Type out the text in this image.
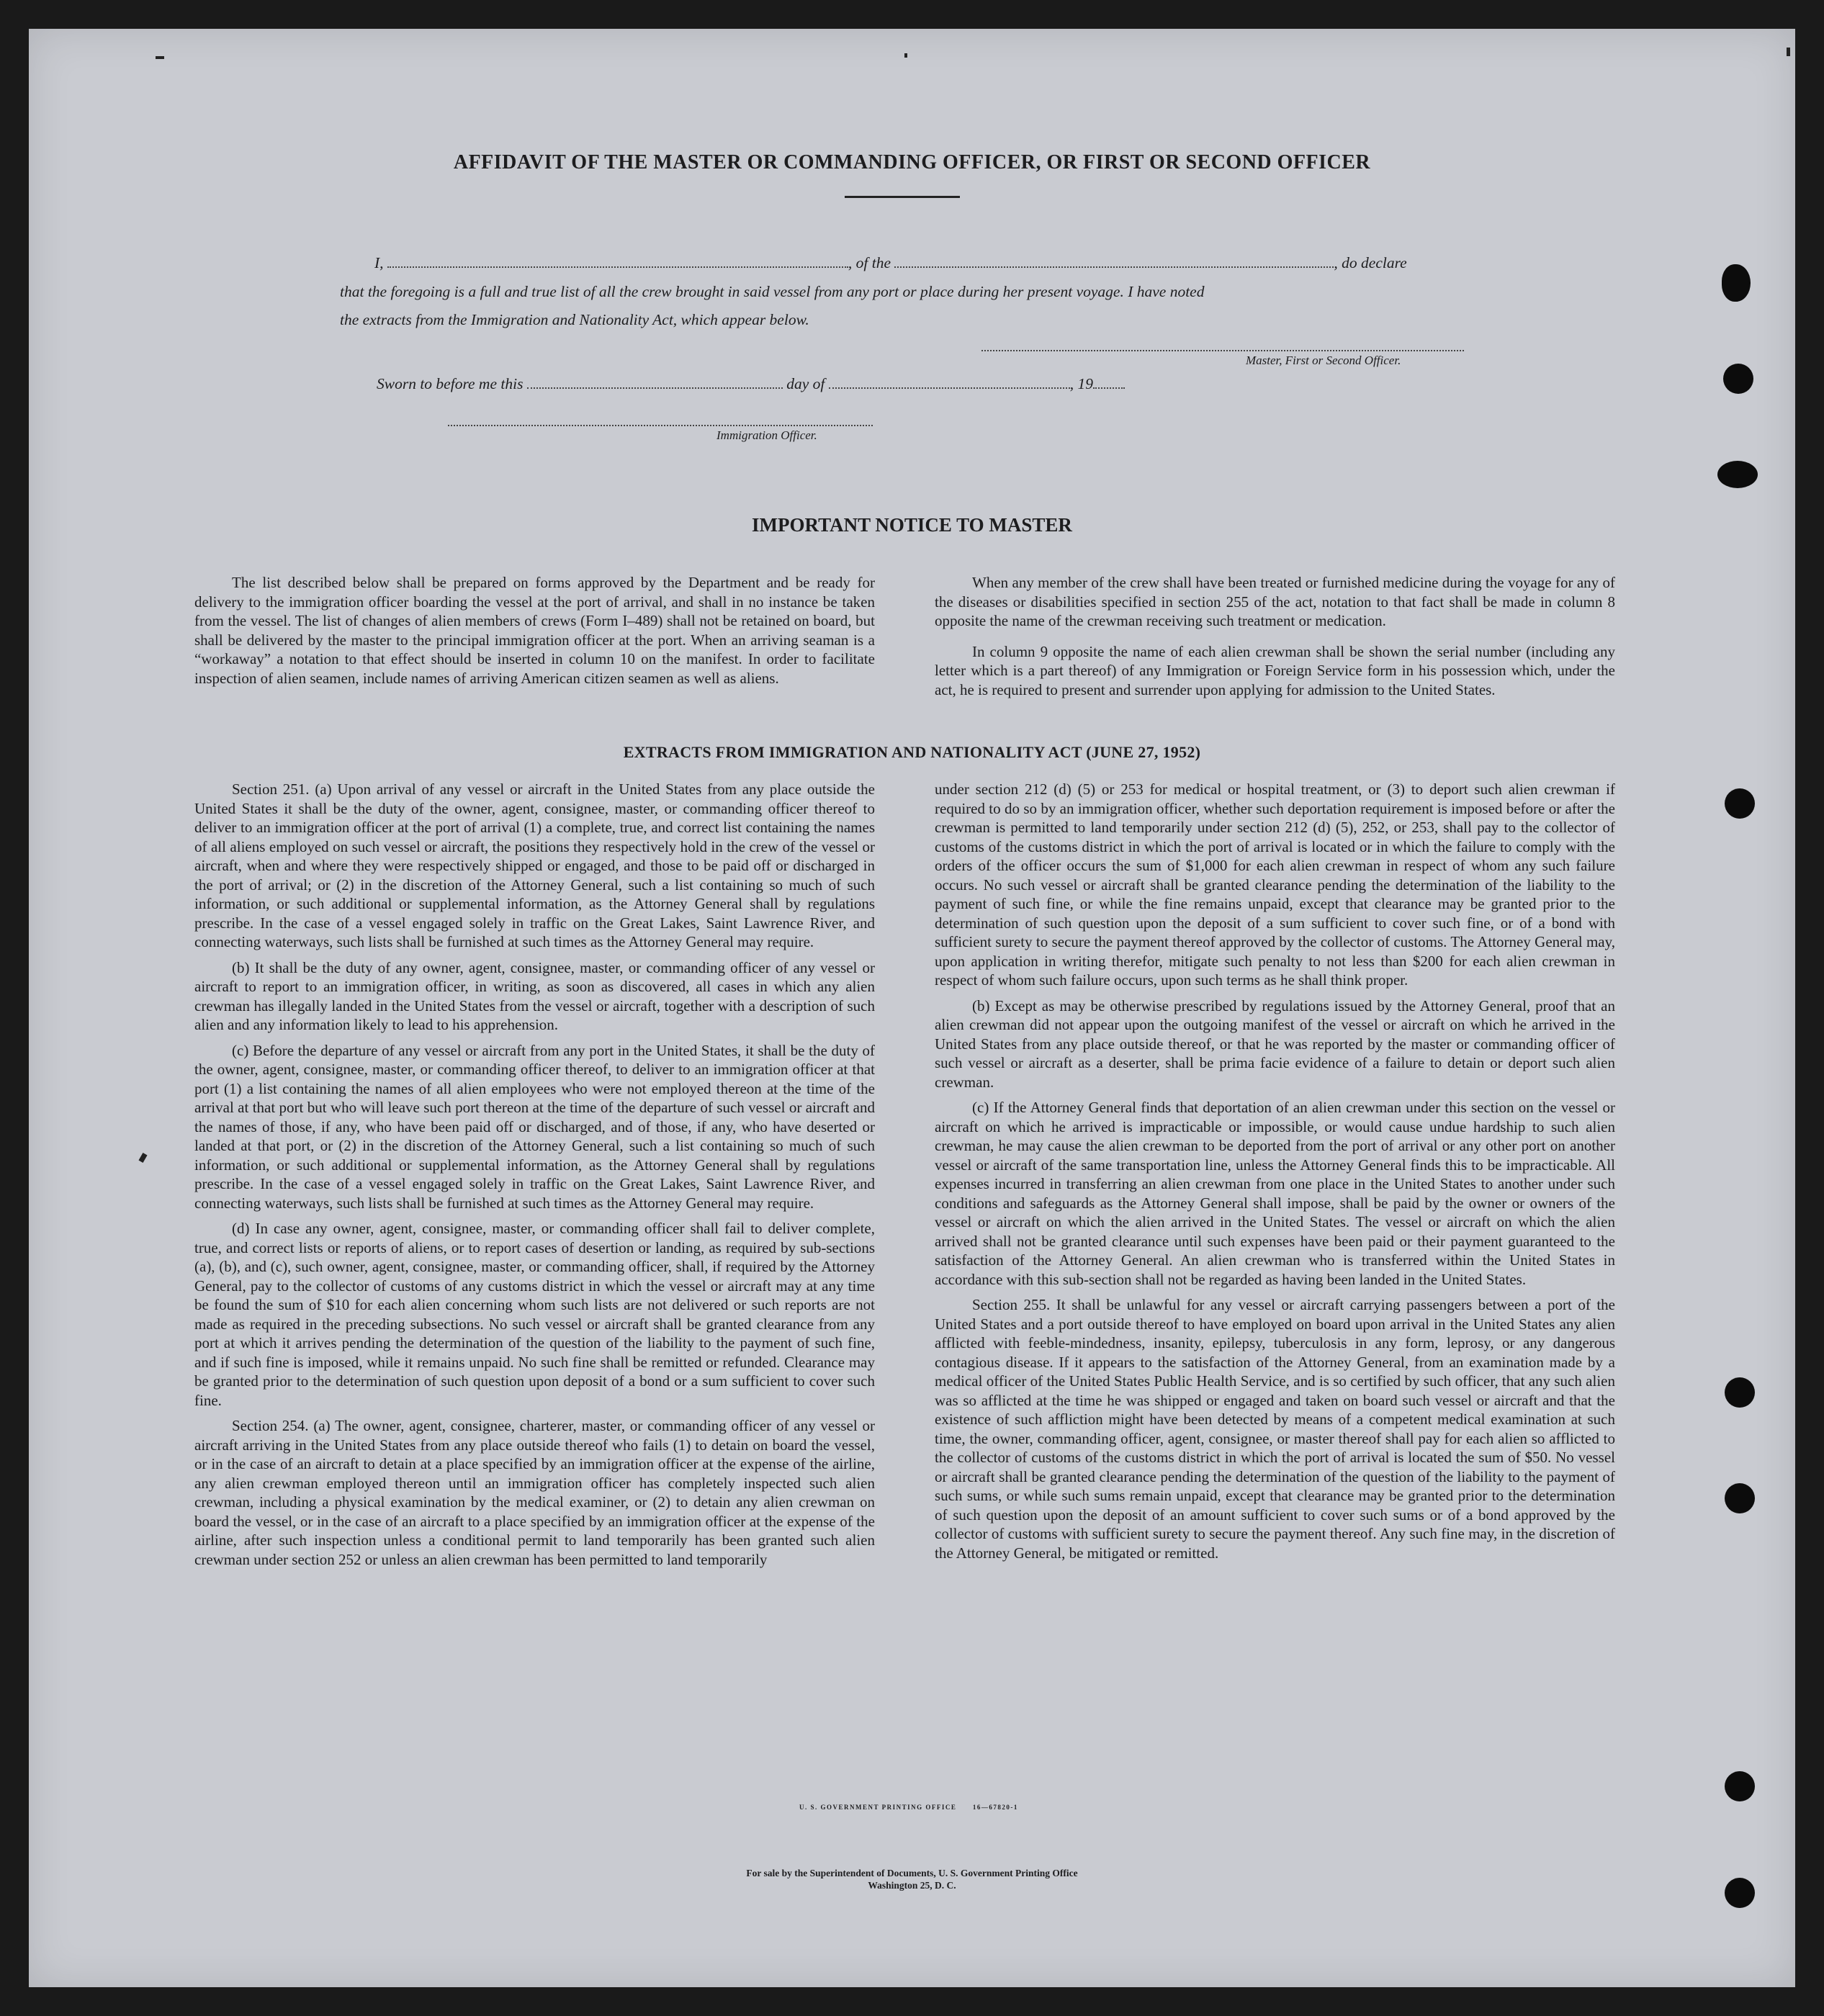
AFFIDAVIT OF THE MASTER OR COMMANDING OFFICER, OR FIRST OR SECOND OFFICER
I,	, of the	, do declare
that the foregoing is a full and true list of all the crew brought in said vessel from any port or place during her present voyage. I have noted
the extracts from the Immigration and Nationality Act, which appear below.
Master, First or Second Officer.
Sworn to before me this	day of	, 19
Immigration Officer.
IMPORTANT NOTICE TO MASTER

The list described below shall be prepared on forms approved by the Department and be ready for delivery to the immigration officer boarding the vessel at the port of arrival, and shall in no instance be taken from the vessel. The list of changes of alien members of crews (Form I–489) shall not be retained on board, but shall be delivered by the master to the principal immigration officer at the port. When an arriving seaman is a “workaway” a notation to that effect should be inserted in column 10 on the manifest. In order to facilitate inspection of alien seamen, include names of arriving American citizen seamen as well as aliens.

When any member of the crew shall have been treated or furnished medicine during the voyage for any of the diseases or disabilities specified in section 255 of the act, notation to that fact shall be made in column 8 opposite the name of the crewman receiving such treatment or medication.

In column 9 opposite the name of each alien crewman shall be shown the serial number (including any letter which is a part thereof) of any Immigration or Foreign Service form in his possession which, under the act, he is required to present and surrender upon applying for admission to the United States.

EXTRACTS FROM IMMIGRATION AND NATIONALITY ACT (JUNE 27, 1952)

Section 251. (a) Upon arrival of any vessel or aircraft in the United States from any place outside the United States it shall be the duty of the owner, agent, consignee, master, or commanding officer thereof to deliver to an immigration officer at the port of arrival (1) a complete, true, and correct list containing the names of all aliens employed on such vessel or aircraft, the positions they respectively hold in the crew of the vessel or aircraft, when and where they were respectively shipped or engaged, and those to be paid off or discharged in the port of arrival; or (2) in the discretion of the Attorney General, such a list containing so much of such information, or such additional or supplemental information, as the Attorney General shall by regulations prescribe. In the case of a vessel engaged solely in traffic on the Great Lakes, Saint Lawrence River, and connecting waterways, such lists shall be furnished at such times as the Attorney General may require.

(b) It shall be the duty of any owner, agent, consignee, master, or commanding officer of any vessel or aircraft to report to an immigration officer, in writing, as soon as discovered, all cases in which any alien crewman has illegally landed in the United States from the vessel or aircraft, together with a description of such alien and any information likely to lead to his apprehension.

(c) Before the departure of any vessel or aircraft from any port in the United States, it shall be the duty of the owner, agent, consignee, master, or commanding officer thereof, to deliver to an immigration officer at that port (1) a list containing the names of all alien employees who were not employed thereon at the time of the arrival at that port but who will leave such port thereon at the time of the departure of such vessel or aircraft and the names of those, if any, who have been paid off or discharged, and of those, if any, who have deserted or landed at that port, or (2) in the discretion of the Attorney General, such a list containing so much of such information, or such additional or supplemental information, as the Attorney General shall by regulations prescribe. In the case of a vessel engaged solely in traffic on the Great Lakes, Saint Lawrence River, and connecting waterways, such lists shall be furnished at such times as the Attorney General may require.

(d) In case any owner, agent, consignee, master, or commanding officer shall fail to deliver complete, true, and correct lists or reports of aliens, or to report cases of desertion or landing, as required by sub-sections (a), (b), and (c), such owner, agent, consignee, master, or commanding officer, shall, if required by the Attorney General, pay to the collector of customs of any customs district in which the vessel or aircraft may at any time be found the sum of $10 for each alien concerning whom such lists are not delivered or such reports are not made as required in the preceding subsections. No such vessel or aircraft shall be granted clearance from any port at which it arrives pending the determination of the question of the liability to the payment of such fine, and if such fine is imposed, while it remains unpaid. No such fine shall be remitted or refunded. Clearance may be granted prior to the determination of such question upon deposit of a bond or a sum sufficient to cover such fine.

Section 254. (a) The owner, agent, consignee, charterer, master, or commanding officer of any vessel or aircraft arriving in the United States from any place outside thereof who fails (1) to detain on board the vessel, or in the case of an aircraft to detain at a place specified by an immigration officer at the expense of the airline, any alien crewman employed thereon until an immigration officer has completely inspected such alien crewman, including a physical examination by the medical examiner, or (2) to detain any alien crewman on board the vessel, or in the case of an aircraft to a place specified by an immigration officer at the expense of the airline, after such inspection unless a conditional permit to land temporarily has been granted such alien crewman under section 252 or unless an alien crewman has been permitted to land temporarily

under section 212 (d) (5) or 253 for medical or hospital treatment, or (3) to deport such alien crewman if required to do so by an immigration officer, whether such deportation requirement is imposed before or after the crewman is permitted to land temporarily under section 212 (d) (5), 252, or 253, shall pay to the collector of customs of the customs district in which the port of arrival is located or in which the failure to comply with the orders of the officer occurs the sum of $1,000 for each alien crewman in respect of whom any such failure occurs. No such vessel or aircraft shall be granted clearance pending the determination of the liability to the payment of such fine, or while the fine remains unpaid, except that clearance may be granted prior to the determination of such question upon the deposit of a sum sufficient to cover such fine, or of a bond with sufficient surety to secure the payment thereof approved by the collector of customs. The Attorney General may, upon application in writing therefor, mitigate such penalty to not less than $200 for each alien crewman in respect of whom such failure occurs, upon such terms as he shall think proper.

(b) Except as may be otherwise prescribed by regulations issued by the Attorney General, proof that an alien crewman did not appear upon the outgoing manifest of the vessel or aircraft on which he arrived in the United States from any place outside thereof, or that he was reported by the master or commanding officer of such vessel or aircraft as a deserter, shall be prima facie evidence of a failure to detain or deport such alien crewman.

(c) If the Attorney General finds that deportation of an alien crewman under this section on the vessel or aircraft on which he arrived is impracticable or impossible, or would cause undue hardship to such alien crewman, he may cause the alien crewman to be deported from the port of arrival or any other port on another vessel or aircraft of the same transportation line, unless the Attorney General finds this to be impracticable. All expenses incurred in transferring an alien crewman from one place in the United States to another under such conditions and safeguards as the Attorney General shall impose, shall be paid by the owner or owners of the vessel or aircraft on which the alien arrived in the United States. The vessel or aircraft on which the alien arrived shall not be granted clearance until such expenses have been paid or their payment guaranteed to the satisfaction of the Attorney General. An alien crewman who is transferred within the United States in accordance with this sub-section shall not be regarded as having been landed in the United States.

Section 255. It shall be unlawful for any vessel or aircraft carrying passengers between a port of the United States and a port outside thereof to have employed on board upon arrival in the United States any alien afflicted with feeble-mindedness, insanity, epilepsy, tuberculosis in any form, leprosy, or any dangerous contagious disease. If it appears to the satisfaction of the Attorney General, from an examination made by a medical officer of the United States Public Health Service, and is so certified by such officer, that any such alien was so afflicted at the time he was shipped or engaged and taken on board such vessel or aircraft and that the existence of such affliction might have been detected by means of a competent medical examination at such time, the owner, commanding officer, agent, consignee, or master thereof shall pay for each alien so afflicted to the collector of customs of the customs district in which the port of arrival is located the sum of $50. No vessel or aircraft shall be granted clearance pending the determination of the question of the liability to the payment of such sums, or while such sums remain unpaid, except that clearance may be granted prior to the determination of such question upon the deposit of an amount sufficient to cover such sums or of a bond approved by the collector of customs with sufficient surety to secure the payment thereof. Any such fine may, in the discretion of the Attorney General, be mitigated or remitted.

U. S. GOVERNMENT PRINTING OFFICE	16—67820-1
For sale by the Superintendent of Documents, U. S. Government Printing Office
Washington 25, D. C.
